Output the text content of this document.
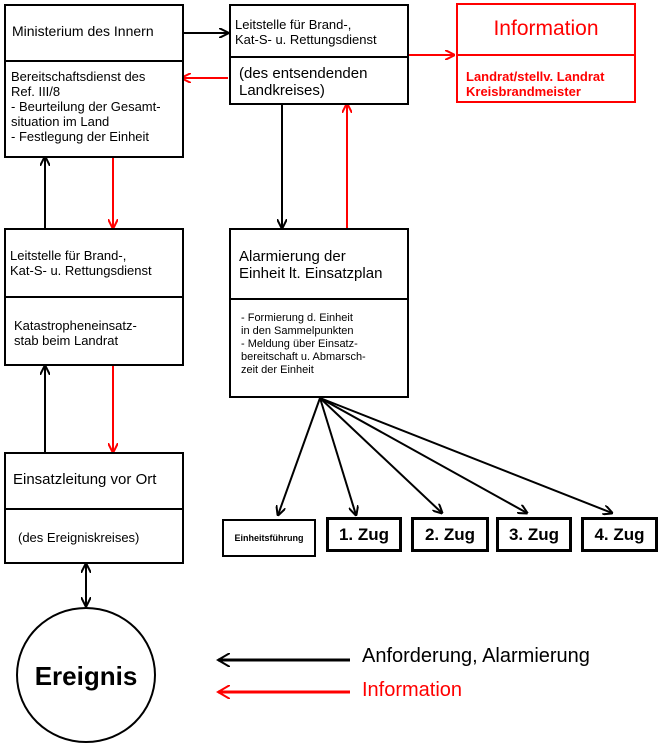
Ministerium des Innern
Bereitschaftsdienst des
Ref. III/8
- Beurteilung der Gesamt-
situation im Land
- Festlegung der Einheit
Leitstelle für Brand-,
Kat-S- u. Rettungsdienst
(des entsendenden
Landkreises)
Information
Landrat/stellv. Landrat
Kreisbrandmeister
Leitstelle für Brand-,
Kat-S- u. Rettungsdienst
Katastropheneinsatz-
stab beim Landrat
Alarmierung der
Einheit lt. Einsatzplan
- Formierung d. Einheit
in den Sammelpunkten
- Meldung über Einsatz-
bereitschaft u. Abmarsch-
zeit der Einheit
Einsatzleitung vor Ort
(des Ereigniskreises)
Ereignis
Einheitsführung	1. Zug	2. Zug	3. Zug	4. Zug
Anforderung, Alarmierung
Information
